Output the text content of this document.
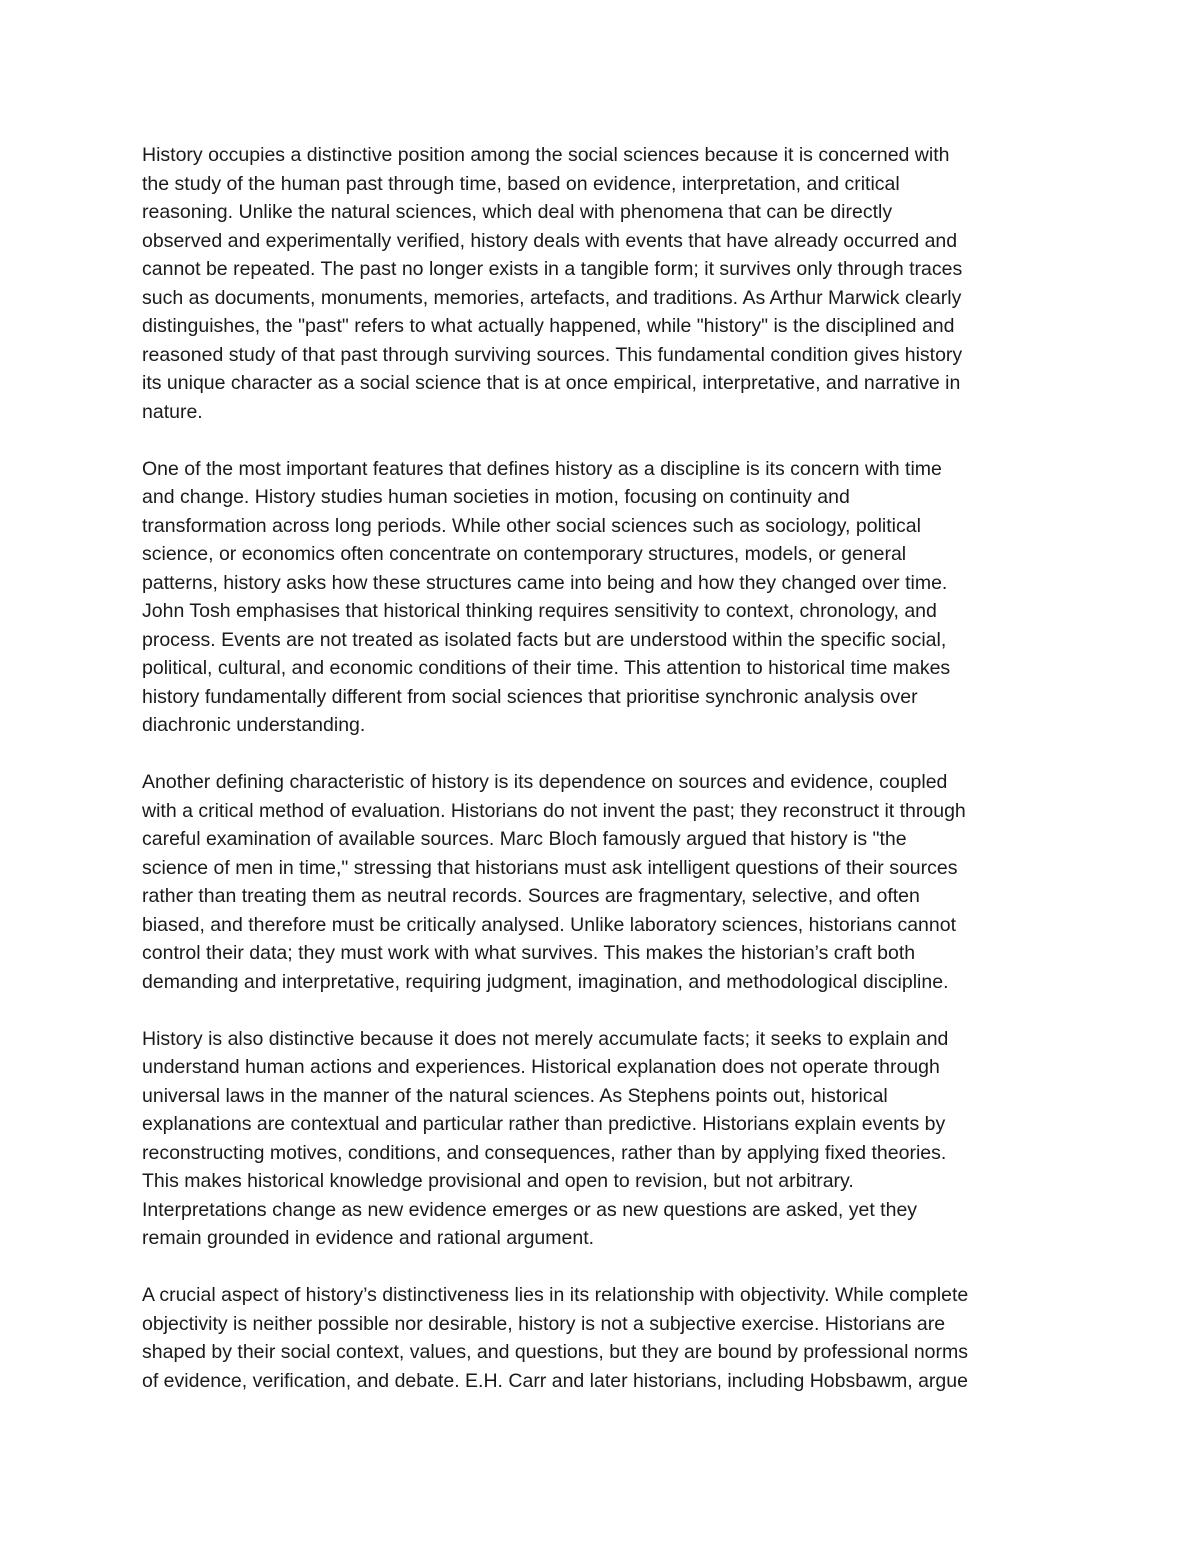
History occupies a distinctive position among the social sciences because it is concerned with
the study of the human past through time, based on evidence, interpretation, and critical
reasoning. Unlike the natural sciences, which deal with phenomena that can be directly
observed and experimentally verified, history deals with events that have already occurred and
cannot be repeated. The past no longer exists in a tangible form; it survives only through traces
such as documents, monuments, memories, artefacts, and traditions. As Arthur Marwick clearly
distinguishes, the "past" refers to what actually happened, while "history" is the disciplined and
reasoned study of that past through surviving sources. This fundamental condition gives history
its unique character as a social science that is at once empirical, interpretative, and narrative in
nature.

One of the most important features that defines history as a discipline is its concern with time
and change. History studies human societies in motion, focusing on continuity and
transformation across long periods. While other social sciences such as sociology, political
science, or economics often concentrate on contemporary structures, models, or general
patterns, history asks how these structures came into being and how they changed over time.
John Tosh emphasises that historical thinking requires sensitivity to context, chronology, and
process. Events are not treated as isolated facts but are understood within the specific social,
political, cultural, and economic conditions of their time. This attention to historical time makes
history fundamentally different from social sciences that prioritise synchronic analysis over
diachronic understanding.

Another defining characteristic of history is its dependence on sources and evidence, coupled
with a critical method of evaluation. Historians do not invent the past; they reconstruct it through
careful examination of available sources. Marc Bloch famously argued that history is "the
science of men in time," stressing that historians must ask intelligent questions of their sources
rather than treating them as neutral records. Sources are fragmentary, selective, and often
biased, and therefore must be critically analysed. Unlike laboratory sciences, historians cannot
control their data; they must work with what survives. This makes the historian’s craft both
demanding and interpretative, requiring judgment, imagination, and methodological discipline.

History is also distinctive because it does not merely accumulate facts; it seeks to explain and
understand human actions and experiences. Historical explanation does not operate through
universal laws in the manner of the natural sciences. As Stephens points out, historical
explanations are contextual and particular rather than predictive. Historians explain events by
reconstructing motives, conditions, and consequences, rather than by applying fixed theories.
This makes historical knowledge provisional and open to revision, but not arbitrary.
Interpretations change as new evidence emerges or as new questions are asked, yet they
remain grounded in evidence and rational argument.

A crucial aspect of history’s distinctiveness lies in its relationship with objectivity. While complete
objectivity is neither possible nor desirable, history is not a subjective exercise. Historians are
shaped by their social context, values, and questions, but they are bound by professional norms
of evidence, verification, and debate. E.H. Carr and later historians, including Hobsbawm, argue
